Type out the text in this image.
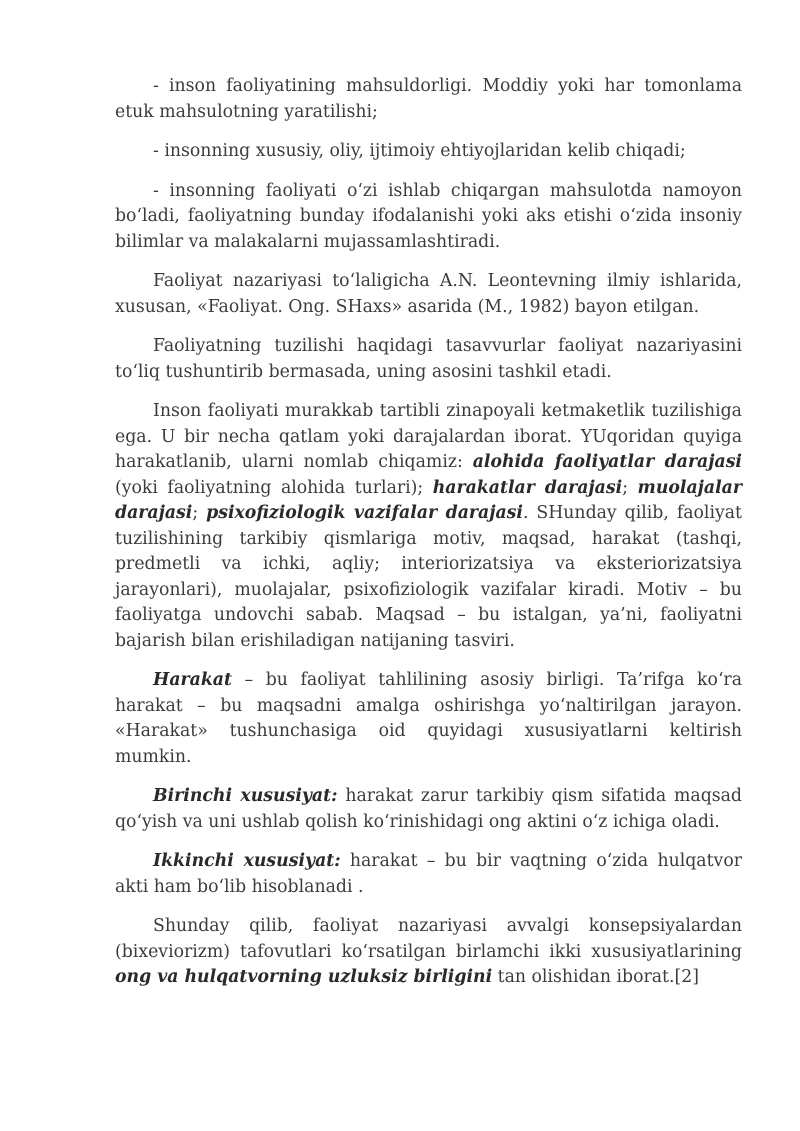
- inson faoliyatining mahsuldorligi. Moddiy yoki har tomonlama etuk mahsulotning yaratilishi;

- insonning xususiy, oliy, ijtimoiy ehtiyojlaridan kelib chiqadi;

- insonning faoliyati o‘zi ishlab chiqargan mahsulotda namoyon bo‘ladi, faoliyatning bunday ifodalanishi yoki aks etishi o‘zida insoniy bilimlar va malakalarni mujassamlashtiradi.

Faoliyat nazariyasi to‘laligicha A.N. Leontevning ilmiy ishlarida, xususan, «Faoliyat. Ong. SHaxs» asarida (M., 1982) bayon etilgan.

Faoliyatning tuzilishi haqidagi tasavvurlar faoliyat nazariyasini to‘liq tushuntirib bermasada, uning asosini tashkil etadi.

Inson faoliyati murakkab tartibli zinapoyali ketmaketlik tuzilishiga ega. U bir necha qatlam yoki darajalardan iborat. YUqoridan quyiga harakatlanib, ularni nomlab chiqamiz: alohida faoliyatlar darajasi (yoki faoliyatning alohida turlari); harakatlar darajasi; muolajalar darajasi; psixofiziologik vazifalar darajasi. SHunday qilib, faoliyat tuzilishining tarkibiy qismlariga motiv, maqsad, harakat (tashqi, predmetli va ichki, aqliy; interiorizatsiya va eksteriorizatsiya jarayonlari), muolajalar, psixofiziologik vazifalar kiradi. Motiv – bu faoliyatga undovchi sabab. Maqsad – bu istalgan, ya’ni, faoliyatni bajarish bilan erishiladigan natijaning tasviri.

Harakat – bu faoliyat tahlilining asosiy birligi. Ta’rifga ko‘ra harakat – bu maqsadni amalga oshirishga yo‘naltirilgan jarayon. «Harakat» tushunchasiga oid quyidagi xususiyatlarni keltirish mumkin.

Birinchi xususiyat: harakat zarur tarkibiy qism sifatida maqsad qo‘yish va uni ushlab qolish ko‘rinishidagi ong aktini o‘z ichiga oladi.

Ikkinchi xususiyat: harakat – bu bir vaqtning o‘zida hulqatvor akti ham bo‘lib hisoblanadi .

Shunday qilib, faoliyat nazariyasi avvalgi konsepsiyalardan (bixeviorizm) tafovutlari ko‘rsatilgan birlamchi ikki xususiyatlarining ong va hulqatvorning uzluksiz birligini tan olishidan iborat.[2]
